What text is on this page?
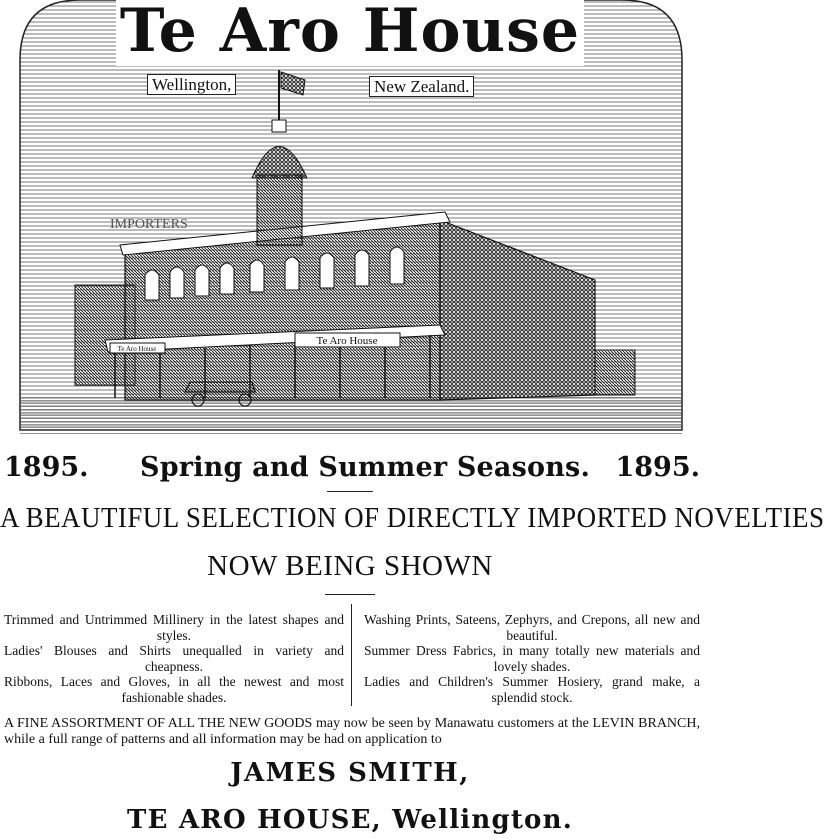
Te Aro House
Te Aro House
IMPORTERS
Te Aro House
Wellington,	New Zealand.
1895. Spring and Summer Seasons. 1895.
A BEAUTIFUL SELECTION OF DIRECTLY IMPORTED NOVELTIES
NOW BEING SHOWN

Trimmed and Untrimmed Millinery in the latest shapes and styles.

Ladies' Blouses and Shirts unequalled in variety and cheapness.

Ribbons, Laces and Gloves, in all the newest and most fashionable shades.

Washing Prints, Sateens, Zephyrs, and Crepons, all new and beautiful.

Summer Dress Fabrics, in many totally new materials and lovely shades.

Ladies and Children's Summer Hosiery, grand make, a splendid stock.

A FINE ASSORTMENT OF ALL THE NEW GOODS may now be seen by Manawatu customers at the LEVIN BRANCH, while a full range of patterns and all information may be had on application to
JAMES SMITH,
TE ARO HOUSE, Wellington.
